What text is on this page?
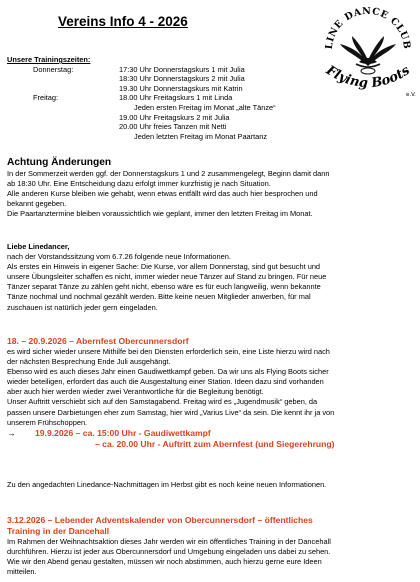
Vereins Info 4 - 2026
LINE DANCE CLUB
Flying Boots
e.V.
Unsere Trainingszeiten:
Donnerstag:	17:30 Uhr Donnerstagskurs 1 mit Julia
18:30 Uhr Donnerstagskurs 2 mit Julia
19.30 Uhr Donnerstagskurs mit Katrin
Freitag:	18.00 Uhr Freitagskurs 1 mit Linda
Jeden ersten Freitag im Monat „alte Tänze“
19.00 Uhr Freitagskurs 2 mit Julia
20.00 Uhr freies Tanzen mit Netti
Jeden letzten Freitag im Monat Paartanz
Achtung Änderungen

In der Sommerzeit werden ggf. der Donnerstagskurs 1 und 2 zusammengelegt, Beginn damit dann

ab 18:30 Uhr. Eine Entscheidung dazu erfolgt immer kurzfristig je nach Situation.

Alle anderen Kurse bleiben wie gehabt, wenn etwas entfällt wird das auch hier besprochen und

bekannt gegeben.

Die Paartanztermine bleiben voraussichtlich wie geplant, immer den letzten Freitag im Monat.

Liebe Linedancer,

nach der Vorstandssitzung vom 6.7.26 folgende neue Informationen.

Als erstes ein Hinweis in eigener Sache: Die Kurse, vor allem Donnerstag, sind gut besucht und

unsere Übungsleiter schaffen es nicht, immer wieder neue Tänzer auf Stand zu bringen. Für neue

Tänzer separat Tänze zu zählen geht nicht, ebenso wäre es für euch langweilig, wenn bekannte

Tänze nochmal und nochmal gezählt werden. Bitte keine neuen Mitglieder anwerben, für mal

zuschauen ist natürlich jeder gern eingeladen.

18. – 20.9.2026 – Abernfest Obercunnersdorf

es wird sicher wieder unsere Mithilfe bei den Diensten erforderlich sein, eine Liste hierzu wird nach

der nächsten Besprechung Ende Juli ausgehängt.

Ebenso wird es auch dieses Jahr einen Gaudiwettkampf geben. Da wir uns als Flying Boots sicher

wieder beteiligen, erfordert das auch die Ausgestaltung einer Station. Ideen dazu sind vorhanden

aber auch hier werden wieder zwei Verantwortliche für die Begleitung benötigt.

Unser Auftritt verschiebt sich auf den Samstagabend. Freitag wird es „Jugendmusik“ geben, da

passen unsere Darbietungen eher zum Samstag, hier wird „Varius Live“ da sein. Die kennt ihr ja von

unserem Frühschoppen.

→ 19.9.2026 – ca. 15:00 Uhr - Gaudiwettkampf
– ca. 20.00 Uhr - Auftritt zum Abernfest (und Siegerehrung)

Zu den angedachten Linedance-Nachmittagen im Herbst gibt es noch keine neuen Informationen.

3.12.2026 – Lebender Adventskalender von Obercunnersdorf – öffentliches

Training in der Dancehall

Im Rahmen der Weihnachtsaktion dieses Jahr werden wir ein öffentliches Training in der Dancehall

durchführen. Hierzu ist jeder aus Obercunnersdorf und Umgebung eingeladen uns dabei zu sehen.

Wie wir den Abend genau gestalten, müssen wir noch abstimmen, auch hierzu gerne eure Ideen

mitteilen.
